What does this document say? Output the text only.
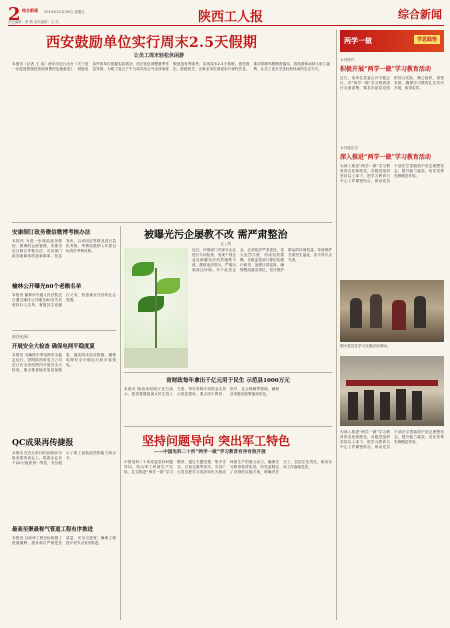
2 综合新闻 2014年12月26日 星期五	陕西工人报	综合新闻
责任编辑：张 倩 美术编辑：王 凤
西安鼓励单位实行周末2.5天假期
让员工周末轻松休闲游
本报讯（记者 王 凤）西安市近日出台《关于进一步促进旅游投资和消费的实施意见》，鼓励有条件的单位根据实际情况，依法优化调整夏季作息安排，为职工周五下午与周末结合外出休闲度假创造有利条件，实现周末2.5天休假。意见提出，鼓励机关、企事业单位探索实行弹性作息，推动带薪休假制度落实，将旅游休闲纳入职工福利，让员工更多享受轻松休闲的生活方式。
两学一做	学思践悟
本刊特约
积极开展“两学一做”学习教育活动
近日，某单位党委召开专题会议，对“两学一做”学习教育进行全面部署，要求各基层党组织结合实际，精心组织，周密安排，确保学习教育扎实有序开展，取得实效。
本刊通讯员
深入推进“两学一做”学习教育活动
为深入推进“两学一做”学习教育常态化制度化，各级党组织坚持以上率下，把学习教育与中心工作紧密结合，推动党员干部在学思践悟中坚定理想信念，提升能力素质，切实发挥先锋模范作用。
图为党员在学习交流活动现场。
为深入推进“两学一做”学习教育常态化制度化，各级党组织坚持以上率下，把学习教育与中心工作紧密结合，推动党员干部在学思践悟中坚定理想信念，提升能力素质，切实发挥先锋模范作用。
安康制订政务微信微博考核办法
本报讯 为进一步规范政务微信、微博的运营管理，安康市近日制订考核办法，对各部门政务新媒体的更新频率、信息发布、互动回应等情况进行量化考核，考核结果纳入年度目标责任考核体系。
榆林公开曝光60个老赖名单
本报讯 榆林市中级人民法院近日通过媒体公开曝光60名失信被执行人名单，督促其主动履行义务，营造诚实守信的社会氛围。
陕西电网
开展安全大检查 确保电网平稳度夏
本报讯 为确保冬季电网安全稳定运行，国网陕西省电力公司近日在全省范围内开展安全大检查，重点排查输变电设备隐患，落实防冰抗冻措施，确保电网安全平稳运行和可靠供电。
QC成果再传捷报
本报讯 在近日举行的全国QC小组成果发表会上，陕西企业多个QC小组获得一等奖，充分展示了职工创新创效的能力和水平。
最高至聚最称气管道工程有序推进
本报讯 目前该工程各标段施工进展顺利，建设单位严格把控质量、安全与进度，确保工程按计划节点有序推进。
被曝光污企屡教不改 需严肃整治
文 / 陕
近日，环保部门对部分企业进行专项检查，发现个别企业在被曝光后仍然屡教不改，继续违法排污，严重污染周边环境。对于此类企业，必须依法严肃查处，加大处罚力度，形成有效震慑。各级监管部门要切实履行职责，加强日常巡查，确保整改落实到位，坚决维护群众的环境权益。环境保护关系民生福祉，容不得半点马虎。
省财政每年拿出千亿元用于民生 示范县1000万元
本报讯 陕西省财政厅近日表示，我省将继续加大民生投入力度，每年安排专项资金支持示范县建设，重点用于教育、医疗、社会保障等领域，确保各项惠民政策落到实处。
坚持问题导向 突出军工特色
——中国电科二十所“两学一做”学习教育有序有效开展
中国电科二十所党委坚持问题导向，结合军工科研生产实际，扎实推进“两学一做”学习教育，通过专题党课、集中学习、讨论交流等形式，引导广大党员把学习成效转化为推动科研生产的强大动力，确保学习教育取得实效。所党委制定了详细的实施方案，明确责任分工，层层压实责任，推动各项工作落地见效。
